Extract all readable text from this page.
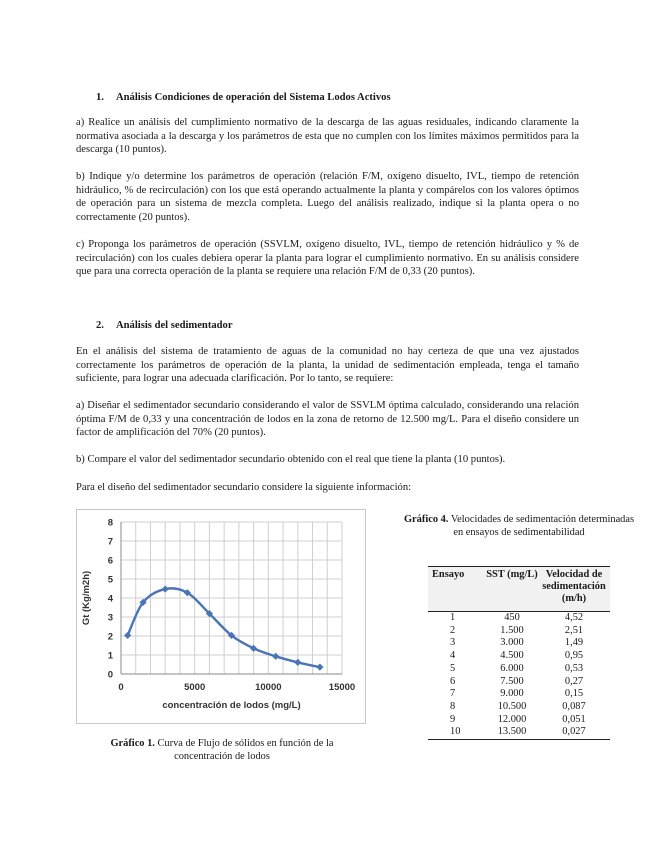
1. Análisis Condiciones de operación del Sistema Lodos Activos

a) Realice un análisis del cumplimiento normativo de la descarga de las aguas residuales, indicando claramente la normativa asociada a la descarga y los parámetros de esta que no cumplen con los límites máximos permitidos para la descarga (10 puntos).

b) Indique y/o determine los parámetros de operación (relación F/M, oxígeno disuelto, IVL, tiempo de retención hidráulico, % de recirculación) con los que está operando actualmente la planta y compárelos con los valores óptimos de operación para un sistema de mezcla completa. Luego del análisis realizado, indique si la planta opera o no correctamente (20 puntos).

c) Proponga los parámetros de operación (SSVLM, oxígeno disuelto, IVL, tiempo de retención hidráulico y % de recirculación) con los cuales debiera operar la planta para lograr el cumplimiento normativo. En su análisis considere que para una correcta operación de la planta se requiere una relación F/M de 0,33 (20 puntos).

2. Análisis del sedimentador

En el análisis del sistema de tratamiento de aguas de la comunidad no hay certeza de que una vez ajustados correctamente los parámetros de operación de la planta, la unidad de sedimentación empleada, tenga el tamaño suficiente, para lograr una adecuada clarificación. Por lo tanto, se requiere:

a) Diseñar el sedimentador secundario considerando el valor de SSVLM óptima calculado, considerando una relación óptima F/M de 0,33 y una concentración de lodos en la zona de retorno de 12.500 mg/L. Para el diseño considere un factor de amplificación del 70% (20 puntos).

b) Compare el valor del sedimentador secundario obtenido con el real que tiene la planta (10 puntos).

Para el diseño del sedimentador secundario considere la siguiente información:

0
1
2
3
4
5
6
7
8
0	5000	10000	15000
concentración de lodos (mg/L)
Gt (Kg/m2h)

Gráfico 1. Curva de Flujo de sólidos en función de la concentración de lodos

Gráfico 4. Velocidades de sedimentación determinadas en ensayos de sedimentabilidad

Ensayo	SST (mg/L)	Velocidad de sedimentación (m/h)
1	450	4,52
2	1.500	2,51
3	3.000	1,49
4	4.500	0,95
5	6.000	0,53
6	7.500	0,27
7	9.000	0,15
8	10.500	0,087
9	12.000	0,051
10	13.500	0,027
